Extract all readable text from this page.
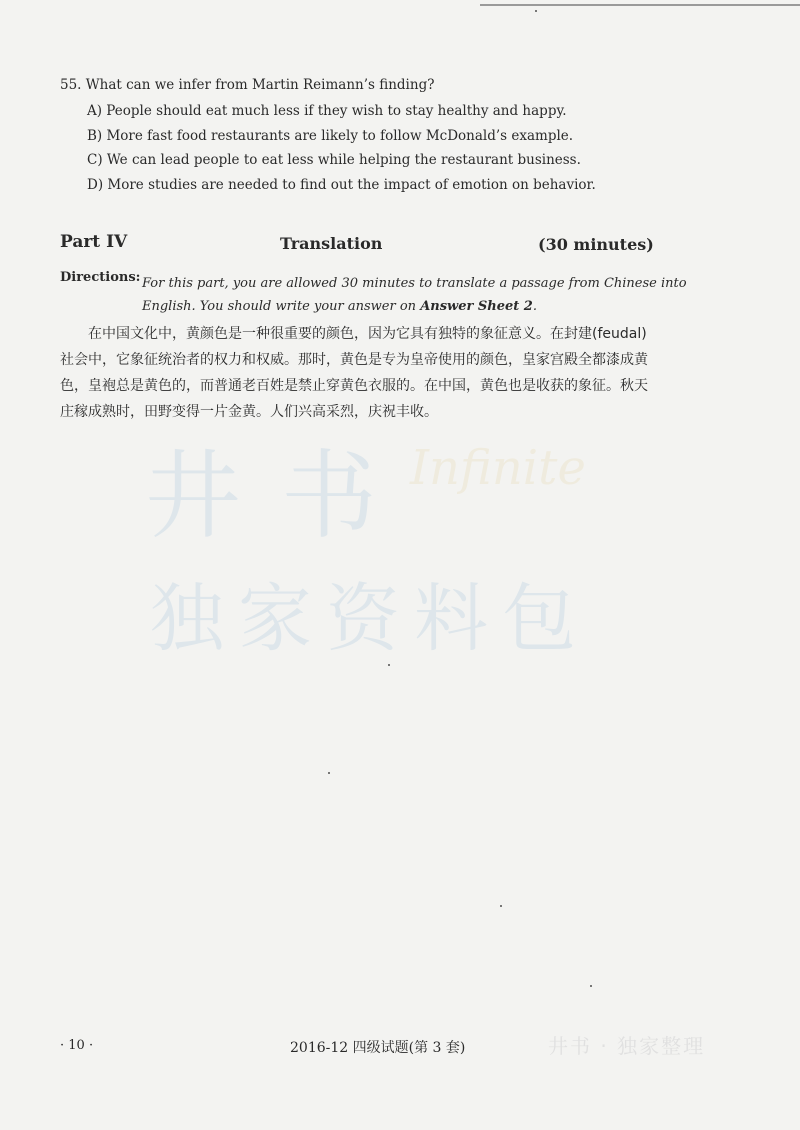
井书
Infinite
独家资料包
55. What can we infer from Martin Reimann’s finding?
A) People should eat much less if they wish to stay healthy and happy.
B) More fast food restaurants are likely to follow McDonald’s example.
C) We can lead people to eat less while helping the restaurant business.
D) More studies are needed to find out the impact of emotion on behavior.
Part IV	Translation	(30 minutes)
Directions: For this part, you are allowed 30 minutes to translate a passage from Chinese into English. You should write your answer on Answer Sheet 2.
在中国文化中，黄颜色是一种很重要的颜色，因为它具有独特的象征意义。在封建(feudal)
社会中，它象征统治者的权力和权威。那时，黄色是专为皇帝使用的颜色，皇家宫殿全都漆成黄
色，皇袍总是黄色的，而普通老百姓是禁止穿黄色衣服的。在中国，黄色也是收获的象征。秋天
庄稼成熟时，田野变得一片金黄。人们兴高采烈，庆祝丰收。
· 10 ·	2016-12 四级试题(第 3 套)	井书 · 独家整理
